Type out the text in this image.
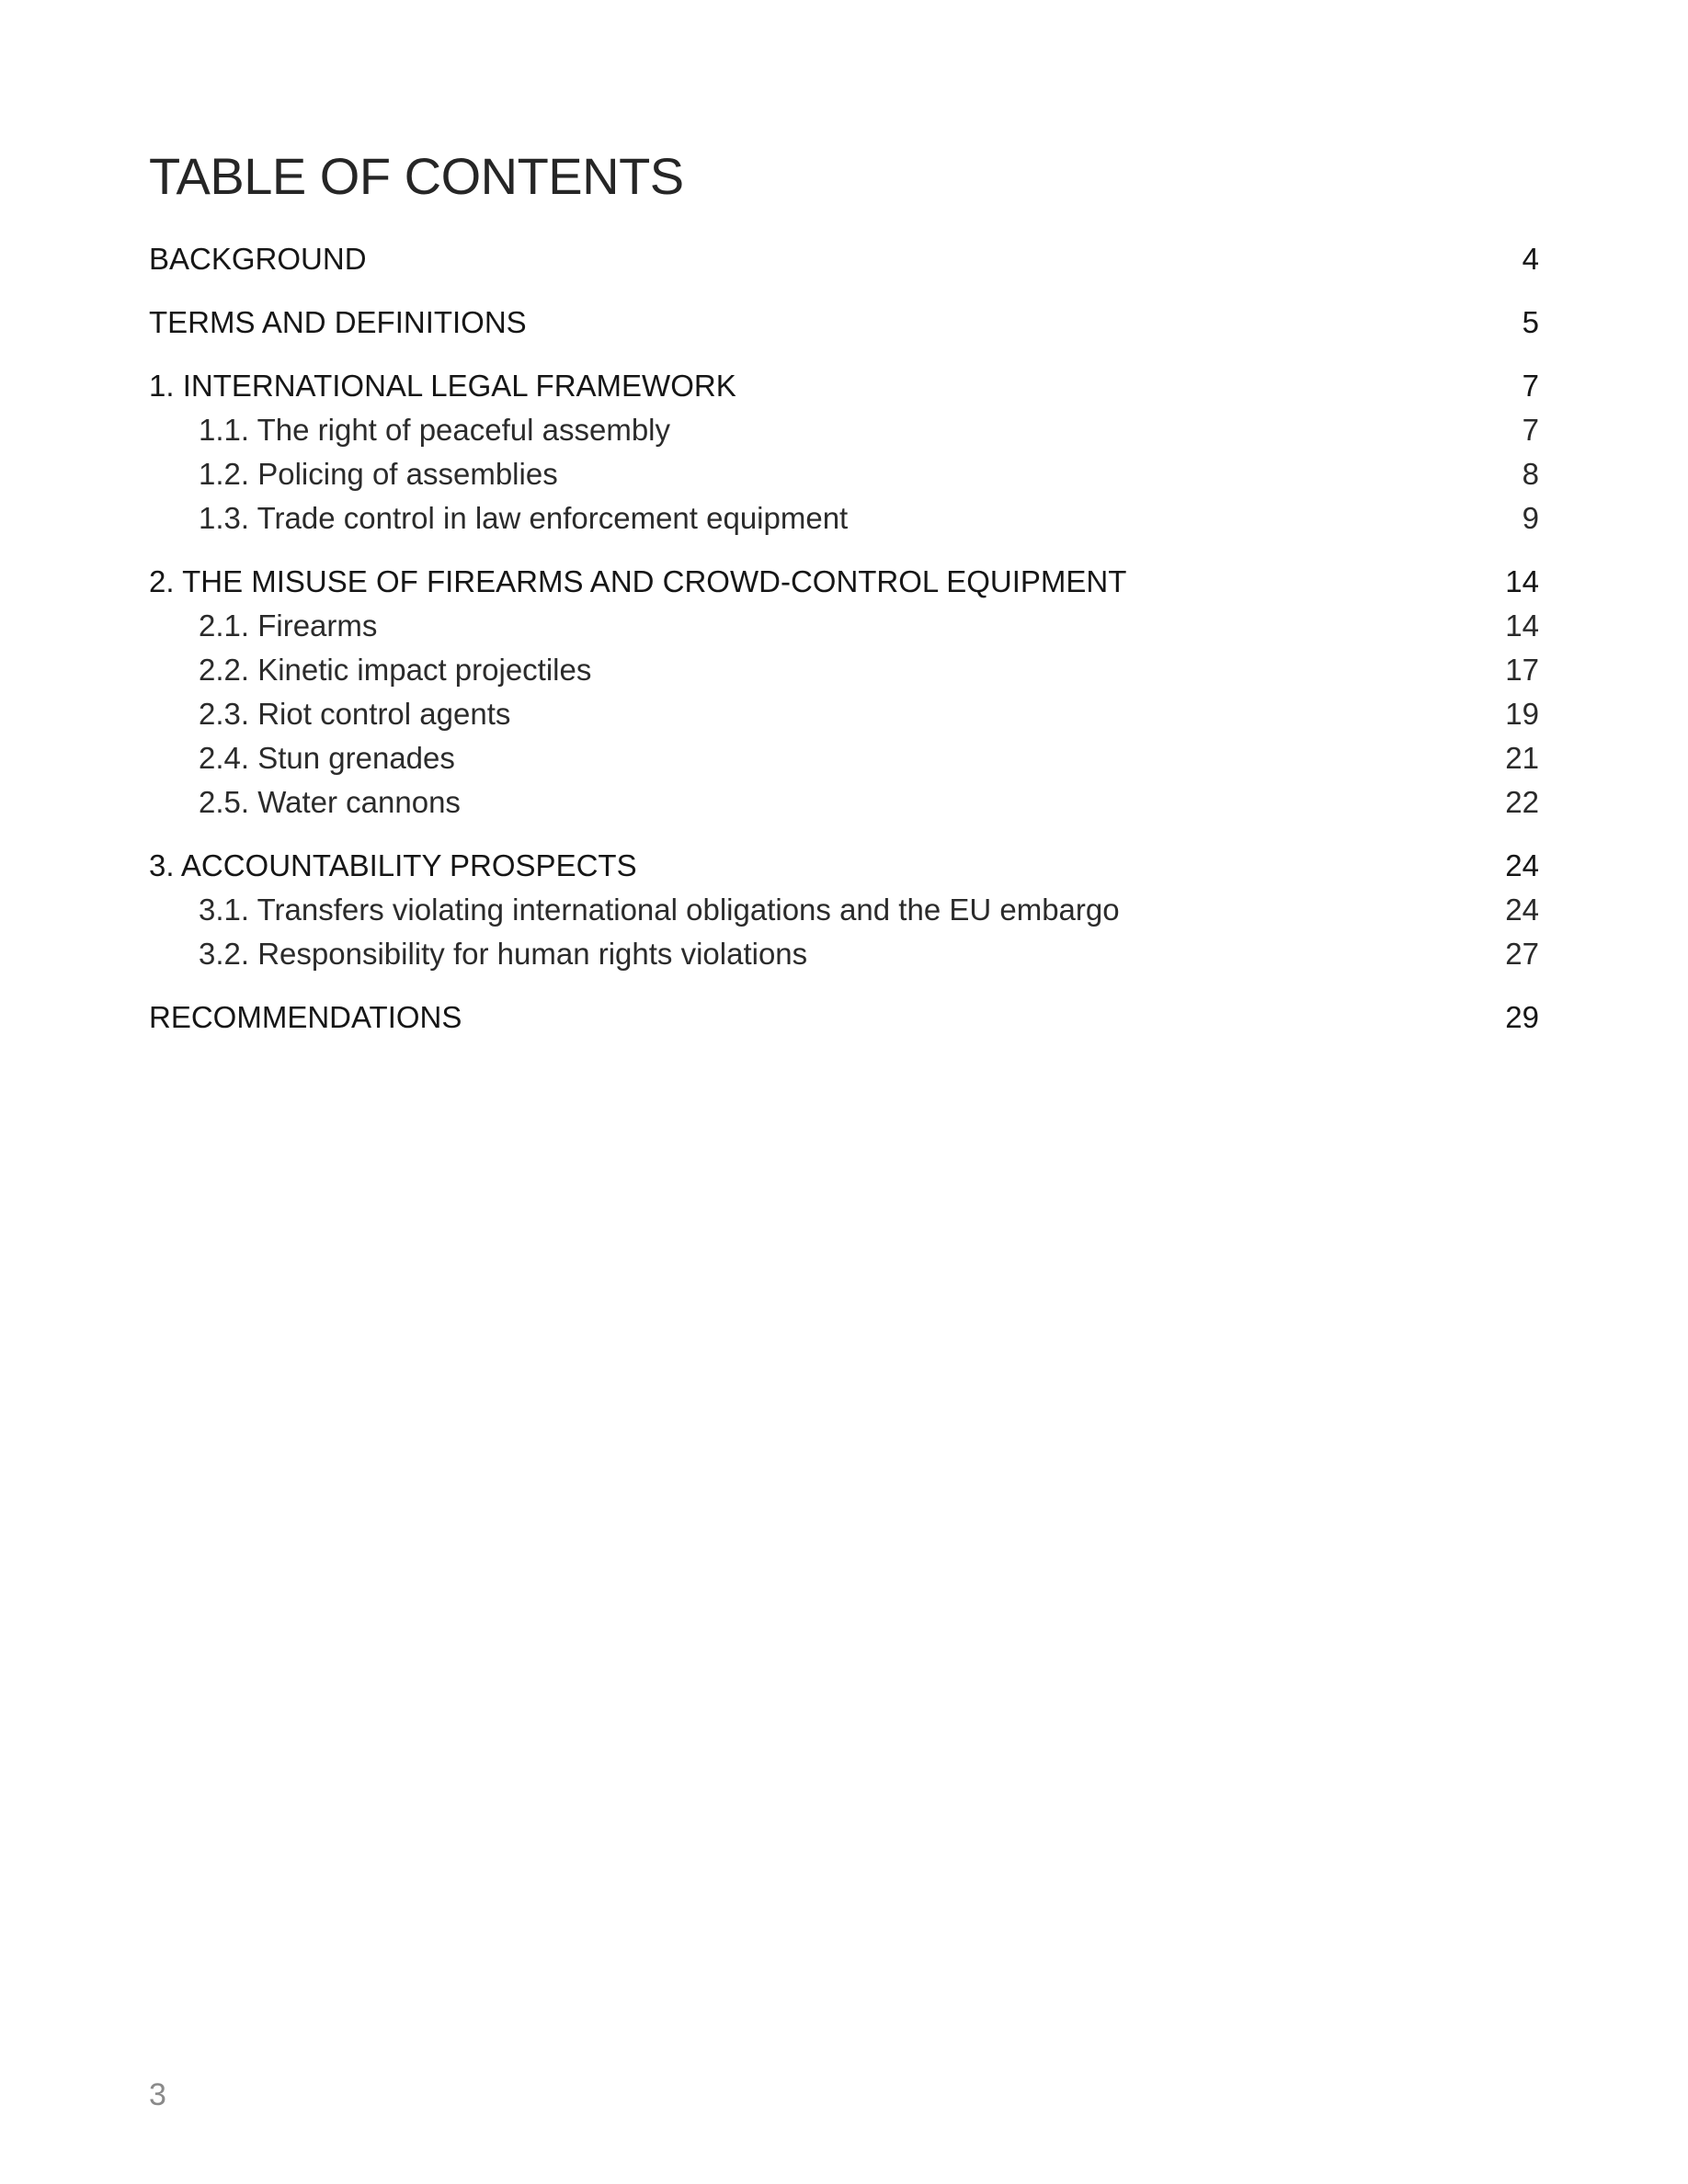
TABLE OF CONTENTS
BACKGROUND	4
TERMS AND DEFINITIONS	5
1. INTERNATIONAL LEGAL FRAMEWORK	7
1.1. The right of peaceful assembly	7
1.2. Policing of assemblies	8
1.3. Trade control in law enforcement equipment	9
2. THE MISUSE OF FIREARMS AND CROWD-CONTROL EQUIPMENT	14
2.1. Firearms	14
2.2. Kinetic impact projectiles	17
2.3. Riot control agents	19
2.4. Stun grenades	21
2.5. Water cannons	22
3. ACCOUNTABILITY PROSPECTS	24
3.1. Transfers violating international obligations and the EU embargo	24
3.2. Responsibility for human rights violations	27
RECOMMENDATIONS	29
3
